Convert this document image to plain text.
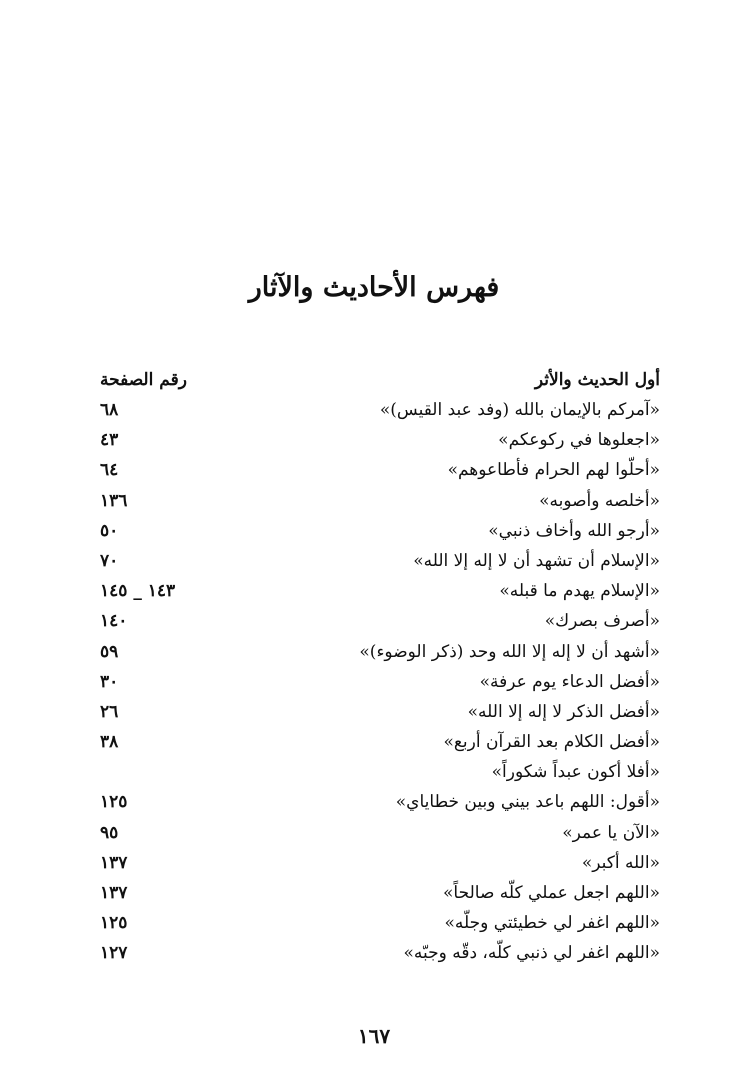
فهرس الأحاديث والآثار
أول الحديث والأثر
رقم الصفحة
«آمركم بالإيمان بالله (وفد عبد القيس)»
٦٨
«اجعلوها في ركوعكم»
٤٣
«أحلّوا لهم الحرام فأطاعوهم»
٦٤
«أخلصه وأصوبه»
١٣٦
«أرجو الله وأخاف ذنبي»
٥٠
«الإسلام أن تشهد أن لا إله إلا الله»
٧٠
«الإسلام يهدم ما قبله»
١٤٣ _ ١٤٥
«أصرف بصرك»
١٤٠
«أشهد أن لا إله إلا الله وحد (ذكر الوضوء)»
٥٩
«أفضل الدعاء يوم عرفة»
٣٠
«أفضل الذكر لا إله إلا الله»
٢٦
«أفضل الكلام بعد القرآن أربع»
٣٨
«أفلا أكون عبداً شكوراً»
«أقول: اللهم باعد بيني وبين خطاياي»
١٢٥
«الآن يا عمر»
٩٥
«الله أكبر»
١٣٧
«اللهم اجعل عملي كلّه صالحاً»
١٣٧
«اللهم اغفر لي خطيئتي وجلّه»
١٢٥
«اللهم اغفر لي ذنبي كلّه، دقّه وجبّه»
١٢٧
١٦٧
